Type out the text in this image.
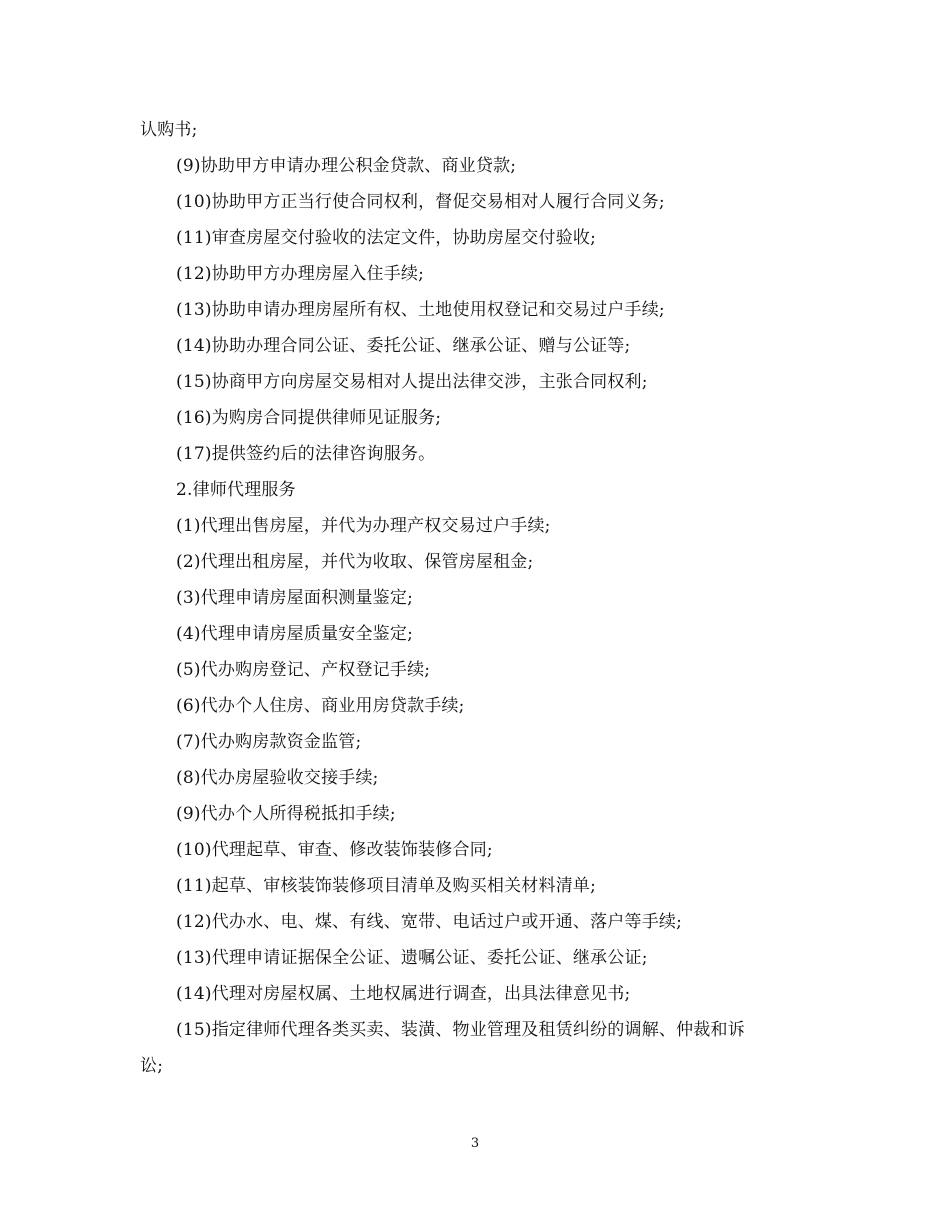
认购书;
(9)协助甲方申请办理公积金贷款、商业贷款;
(10)协助甲方正当行使合同权利，督促交易相对人履行合同义务;
(11)审查房屋交付验收的法定文件，协助房屋交付验收;
(12)协助甲方办理房屋入住手续;
(13)协助申请办理房屋所有权、土地使用权登记和交易过户手续;
(14)协助办理合同公证、委托公证、继承公证、赠与公证等;
(15)协商甲方向房屋交易相对人提出法律交涉，主张合同权利;
(16)为购房合同提供律师见证服务;
(17)提供签约后的法律咨询服务。
2.律师代理服务
(1)代理出售房屋，并代为办理产权交易过户手续;
(2)代理出租房屋，并代为收取、保管房屋租金;
(3)代理申请房屋面积测量鉴定;
(4)代理申请房屋质量安全鉴定;
(5)代办购房登记、产权登记手续;
(6)代办个人住房、商业用房贷款手续;
(7)代办购房款资金监管;
(8)代办房屋验收交接手续;
(9)代办个人所得税抵扣手续;
(10)代理起草、审查、修改装饰装修合同;
(11)起草、审核装饰装修项目清单及购买相关材料清单;
(12)代办水、电、煤、有线、宽带、电话过户或开通、落户等手续;
(13)代理申请证据保全公证、遗嘱公证、委托公证、继承公证;
(14)代理对房屋权属、土地权属进行调查，出具法律意见书;
(15)指定律师代理各类买卖、装潢、物业管理及租赁纠纷的调解、仲裁和诉
讼;
3
